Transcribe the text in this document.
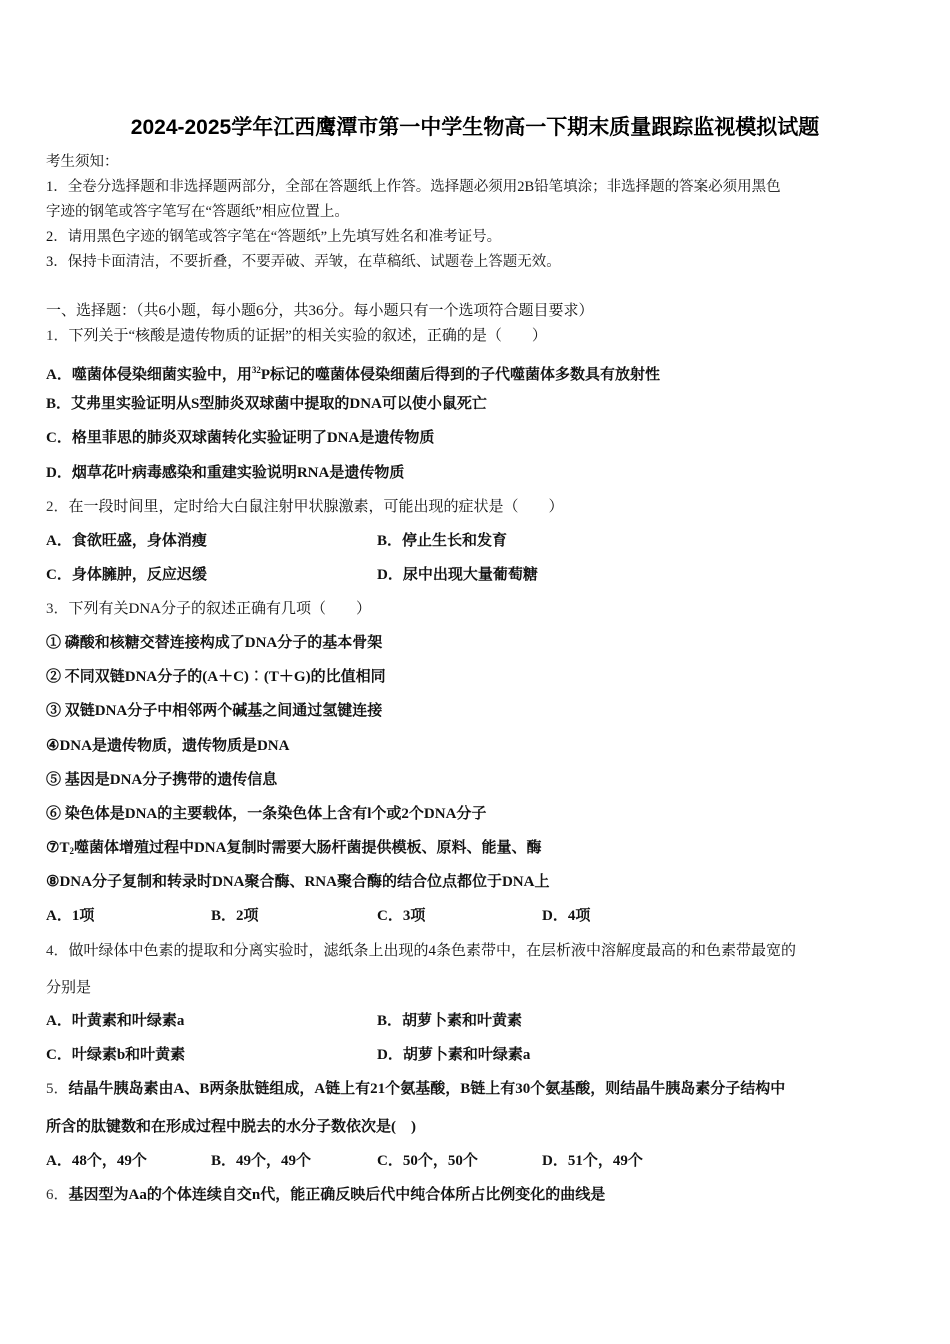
2024-2025学年江西鹰潭市第一中学生物高一下期末质量跟踪监视模拟试题
考生须知：
1．全卷分选择题和非选择题两部分，全部在答题纸上作答。选择题必须用2B铅笔填涂；非选择题的答案必须用黑色
字迹的钢笔或答字笔写在“答题纸”相应位置上。
2．请用黑色字迹的钢笔或答字笔在“答题纸”上先填写姓名和准考证号。
3．保持卡面清洁，不要折叠，不要弄破、弄皱，在草稿纸、试题卷上答题无效。
一、选择题：（共6小题，每小题6分，共36分。每小题只有一个选项符合题目要求）
1．下列关于“核酸是遗传物质的证据”的相关实验的叙述，正确的是（　　）
A．噬菌体侵染细菌实验中，用$^{32}$P标记的噬菌体侵染细菌后得到的子代噬菌体多数具有放射性
B．艾弗里实验证明从S型肺炎双球菌中提取的DNA可以使小鼠死亡
C．格里菲思的肺炎双球菌转化实验证明了DNA是遗传物质
D．烟草花叶病毒感染和重建实验说明RNA是遗传物质
2．在一段时间里，定时给大白鼠注射甲状腺激素，可能出现的症状是（　　）
A．食欲旺盛，身体消瘦	B．停止生长和发育
C．身体臃肿，反应迟缓	D．尿中出现大量葡萄糖
3．下列有关DNA分子的叙述正确有几项（　　）
① 磷酸和核糖交替连接构成了DNA分子的基本骨架
② 不同双链DNA分子的(A＋C)︰(T＋G)的比值相同
③ 双链DNA分子中相邻两个碱基之间通过氢键连接
④DNA是遗传物质，遗传物质是DNA
⑤ 基因是DNA分子携带的遗传信息
⑥ 染色体是DNA的主要载体，一条染色体上含有l个或2个DNA分子
$⑦T_2$噬菌体增殖过程中DNA复制时需要大肠杆菌提供模板、原料、能量、酶
⑧DNA分子复制和转录时DNA聚合酶、RNA聚合酶的结合位点都位于DNA上
A．1项	B．2项	C．3项	D．4项
4．做叶绿体中色素的提取和分离实验时，滤纸条上出现的4条色素带中，在层析液中溶解度最高的和色素带最宽的
分别是
A．叶黄素和叶绿素a	B．胡萝卜素和叶黄素
C．叶绿素b和叶黄素	D．胡萝卜素和叶绿素a
5．结晶牛胰岛素由A、B两条肽链组成，A链上有21个氨基酸，B链上有30个氨基酸，则结晶牛胰岛素分子结构中
所含的肽键数和在形成过程中脱去的水分子数依次是(　)
A．48个，49个	B．49个，49个	C．50个，50个	D．51个，49个
6．基因型为Aa的个体连续自交n代，能正确反映后代中纯合体所占比例变化的曲线是
